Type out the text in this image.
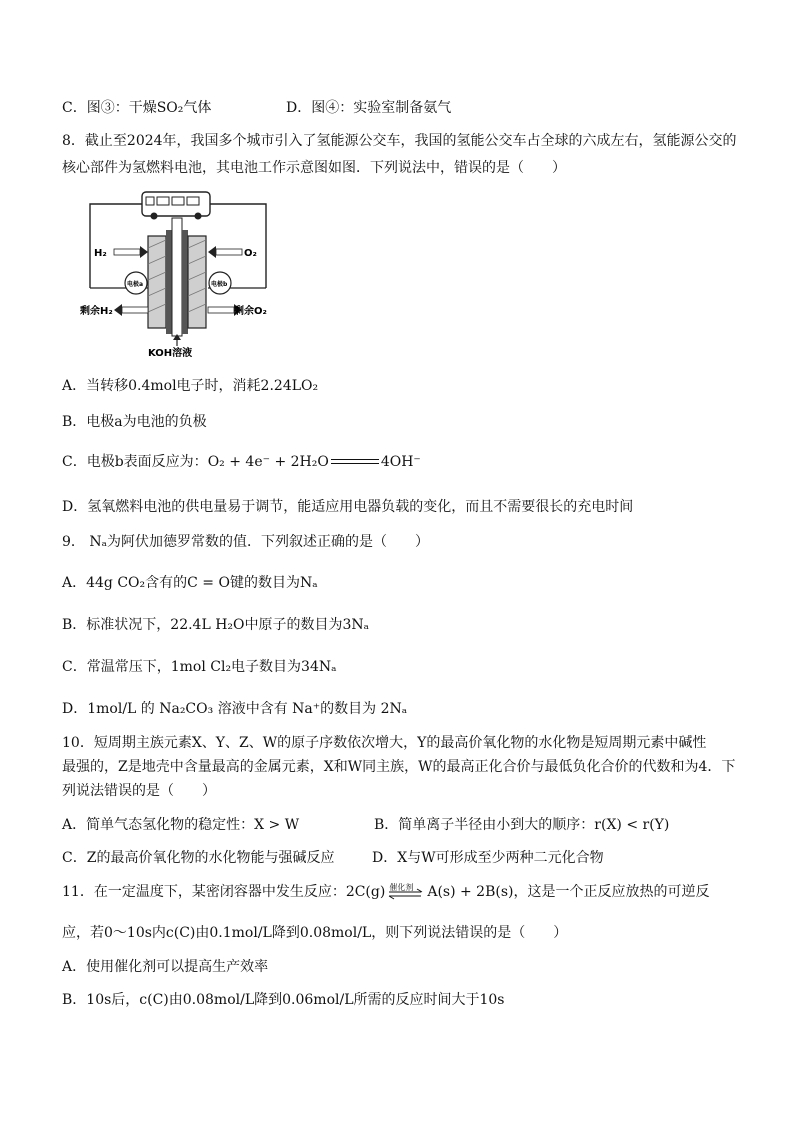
C．图③：干燥SO₂气体	D．图④：实验室制备氨气
8．截止至2024年，我国多个城市引入了氢能源公交车，我国的氢能公交车占全球的六成左右，氢能源公交的
核心部件为氢燃料电池，其电池工作示意图如图．下列说法中，错误的是（　　）
H₂	O₂
电极a	电极b
剩余H₂	剩余O₂
KOH溶液
A．当转移0.4mol电子时，消耗2.24LO₂
B．电极a为电池的负极
C．电极b表面反应为：O₂ + 4e⁻ + 2H₂O	4OH⁻
D．氢氧燃料电池的供电量易于调节，能适应用电器负载的变化，而且不需要很长的充电时间
9． Nₐ为阿伏加德罗常数的值．下列叙述正确的是（　　）
A．44g CO₂含有的C = O键的数目为Nₐ
B．标准状况下，22.4L H₂O中原子的数目为3Nₐ
C．常温常压下，1mol Cl₂电子数目为34Nₐ
D．1mol/L 的 Na₂CO₃ 溶液中含有 Na⁺的数目为 2Nₐ
10．短周期主族元素X、Y、Z、W的原子序数依次增大，Y的最高价氧化物的水化物是短周期元素中碱性
最强的，Z是地壳中含量最高的金属元素，X和W同主族，W的最高正化合价与最低负化合价的代数和为4．下
列说法错误的是（　　）
A．简单气态氢化物的稳定性：X > W	B．简单离子半径由小到大的顺序：r(X) < r(Y)
C．Z的最高价氧化物的水化物能与强碱反应	D．X与W可形成至少两种二元化合物
11．在一定温度下，某密闭容器中发生反应：2C(g) 催化剂 A(s) + 2B(s)，这是一个正反应放热的可逆反
应，若0～10s内c(C)由0.1mol/L降到0.08mol/L，则下列说法错误的是（　　）
A．使用催化剂可以提高生产效率
B．10s后，c(C)由0.08mol/L降到0.06mol/L所需的反应时间大于10s
